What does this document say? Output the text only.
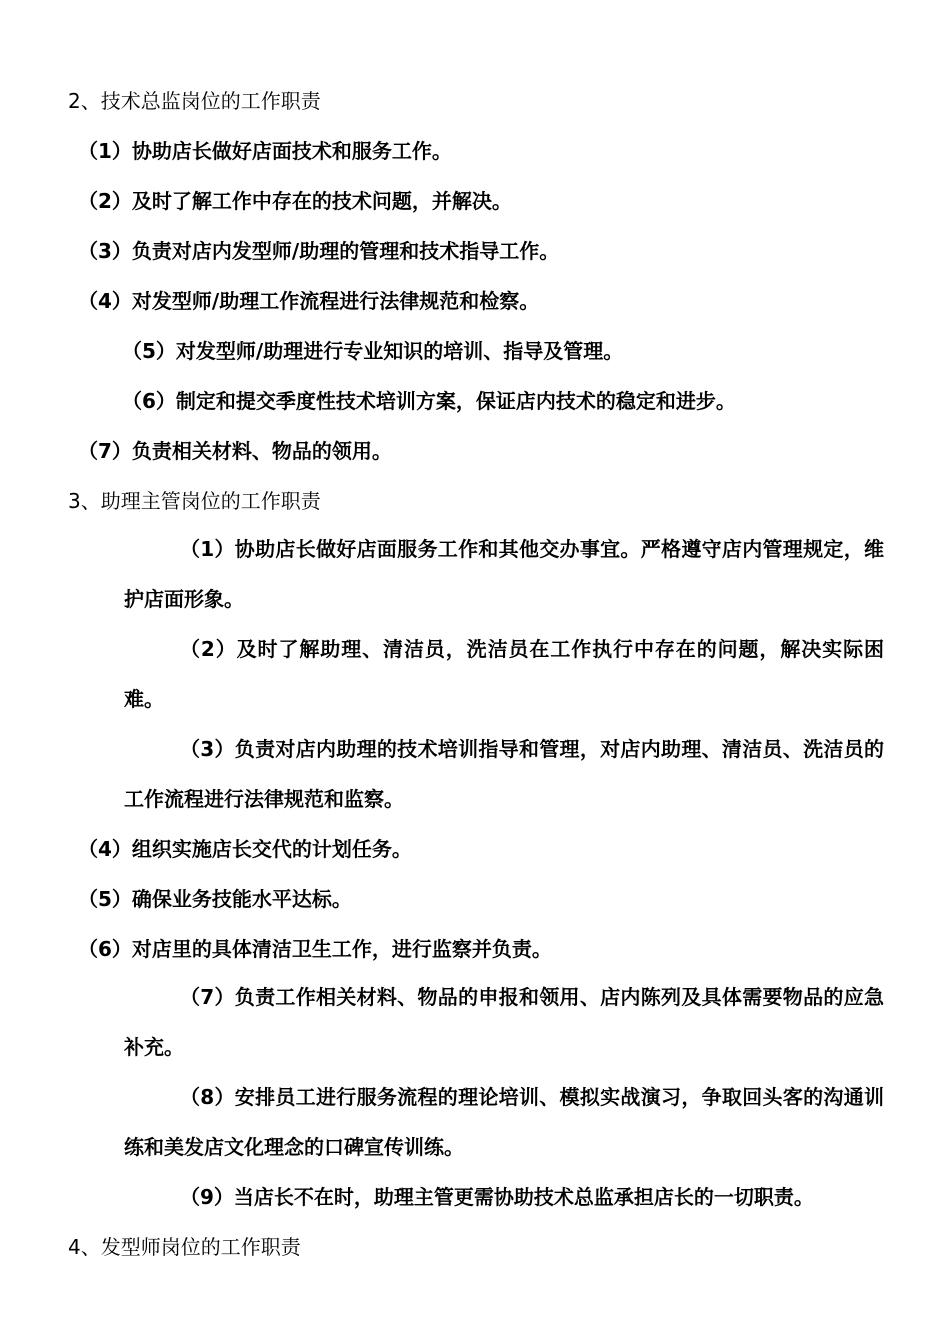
2、技术总监岗位的工作职责
（1）协助店长做好店面技术和服务工作。
（2）及时了解工作中存在的技术问题，并解决。
（3）负责对店内发型师/助理的管理和技术指导工作。
（4）对发型师/助理工作流程进行法律规范和检察。
（5）对发型师/助理进行专业知识的培训、指导及管理。
（6）制定和提交季度性技术培训方案，保证店内技术的稳定和进步。
（7）负责相关材料、物品的领用。
3、助理主管岗位的工作职责
（1）协助店长做好店面服务工作和其他交办事宜。严格遵守店内管理规定，维护店面形象。
（2）及时了解助理、清洁员，洗洁员在工作执行中存在的问题，解决实际困难。
（3）负责对店内助理的技术培训指导和管理，对店内助理、清洁员、洗洁员的工作流程进行法律规范和监察。
（4）组织实施店长交代的计划任务。
（5）确保业务技能水平达标。
（6）对店里的具体清洁卫生工作，进行监察并负责。
（7）负责工作相关材料、物品的申报和领用、店内陈列及具体需要物品的应急补充。
（8）安排员工进行服务流程的理论培训、模拟实战演习，争取回头客的沟通训练和美发店文化理念的口碑宣传训练。
（9）当店长不在时，助理主管更需协助技术总监承担店长的一切职责。
4、发型师岗位的工作职责
